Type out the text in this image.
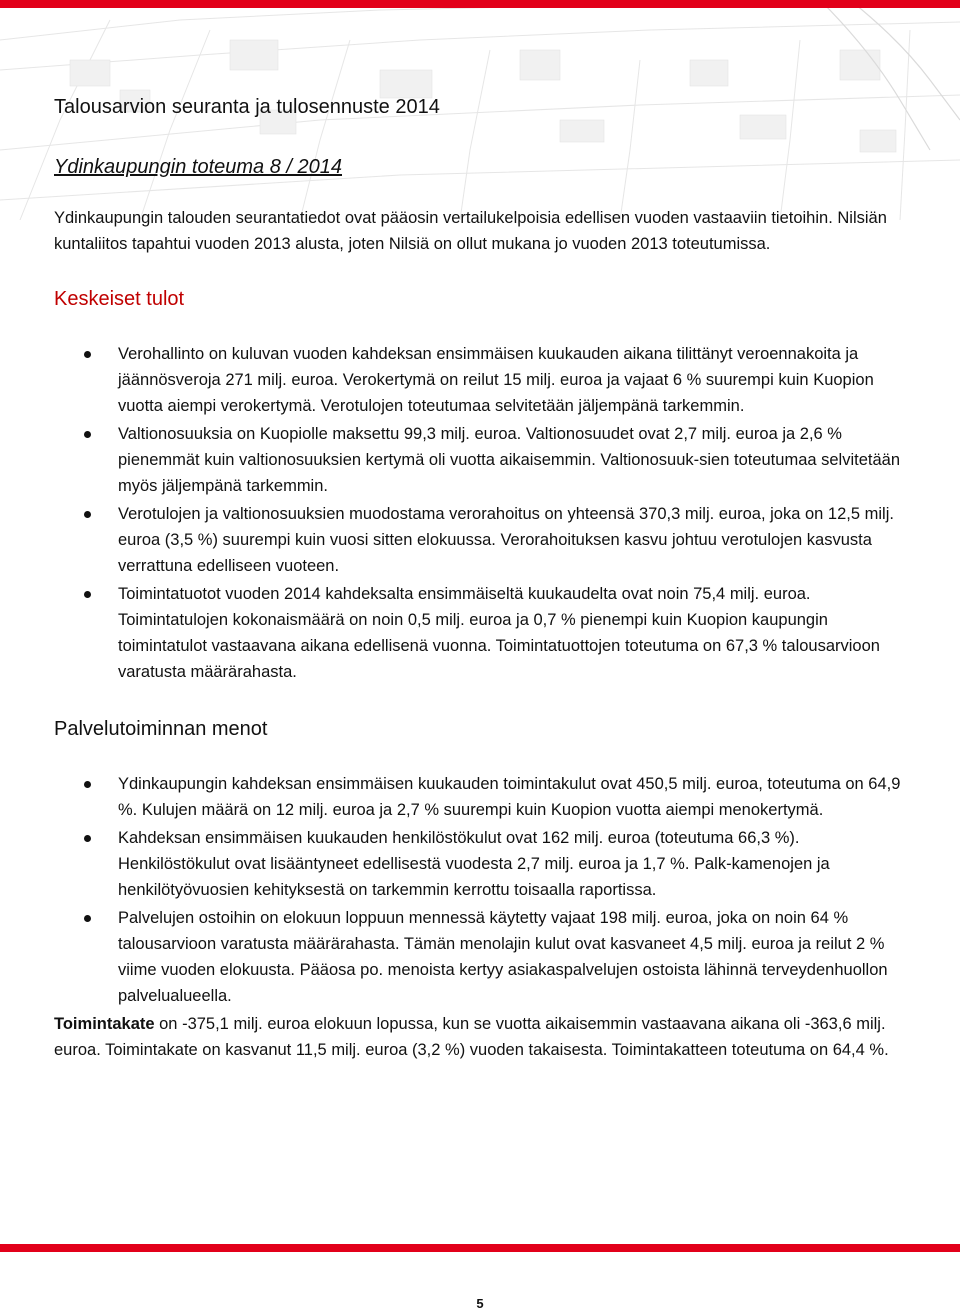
Talousarvion seuranta ja tulosennuste 2014
Ydinkaupungin toteuma 8 / 2014

Ydinkaupungin talouden seurantatiedot ovat pääosin vertailukelpoisia edellisen vuoden vastaaviin tietoihin. Nilsiän kuntaliitos tapahtui vuoden 2013 alusta, joten Nilsiä on ollut mukana jo vuoden 2013 toteutumissa.

Keskeiset tulot
Verohallinto on kuluvan vuoden kahdeksan ensimmäisen kuukauden aikana tilittänyt veroennakoita ja jäännösveroja 271 milj. euroa. Verokertymä on reilut 15 milj. euroa ja vajaat 6 % suurempi kuin Kuopion vuotta aiempi verokertymä. Verotulojen toteutumaa selvitetään jäljempänä tarkemmin.
Valtionosuuksia on Kuopiolle maksettu 99,3 milj. euroa. Valtionosuudet ovat 2,7 milj. euroa ja 2,6 % pienemmät kuin valtionosuuksien kertymä oli vuotta aikaisemmin. Valtionosuuk-sien toteutumaa selvitetään myös jäljempänä tarkemmin.
Verotulojen ja valtionosuuksien muodostama verorahoitus on yhteensä 370,3 milj. euroa, joka on 12,5 milj. euroa (3,5 %) suurempi kuin vuosi sitten elokuussa. Verorahoituksen kasvu johtuu verotulojen kasvusta verrattuna edelliseen vuoteen.
Toimintatuotot vuoden 2014 kahdeksalta ensimmäiseltä kuukaudelta ovat noin 75,4 milj. euroa. Toimintatulojen kokonaismäärä on noin 0,5 milj. euroa ja 0,7 % pienempi kuin Kuopion kaupungin toimintatulot vastaavana aikana edellisenä vuonna. Toimintatuottojen toteutuma on 67,3 % talousarvioon varatusta määrärahasta.
Palvelutoiminnan menot
Ydinkaupungin kahdeksan ensimmäisen kuukauden toimintakulut ovat 450,5 milj. euroa, toteutuma on 64,9 %. Kulujen määrä on 12 milj. euroa ja 2,7 % suurempi kuin Kuopion vuotta aiempi menokertymä.
Kahdeksan ensimmäisen kuukauden henkilöstökulut ovat 162 milj. euroa (toteutuma 66,3 %). Henkilöstökulut ovat lisääntyneet edellisestä vuodesta 2,7 milj. euroa ja 1,7 %. Palk-kamenojen ja henkilötyövuosien kehityksestä on tarkemmin kerrottu toisaalla raportissa.
Palvelujen ostoihin on elokuun loppuun mennessä käytetty vajaat 198 milj. euroa, joka on noin 64 % talousarvioon varatusta määrärahasta. Tämän menolajin kulut ovat kasvaneet 4,5 milj. euroa ja reilut 2 % viime vuoden elokuusta. Pääosa po. menoista kertyy asiakaspalvelujen ostoista lähinnä terveydenhuollon palvelualueella.

Toimintakate on -375,1 milj. euroa elokuun lopussa, kun se vuotta aikaisemmin vastaavana aikana oli -363,6 milj. euroa. Toimintakate on kasvanut 11,5 milj. euroa (3,2 %) vuoden takaisesta. Toimintakatteen toteutuma on 64,4 %.

5
